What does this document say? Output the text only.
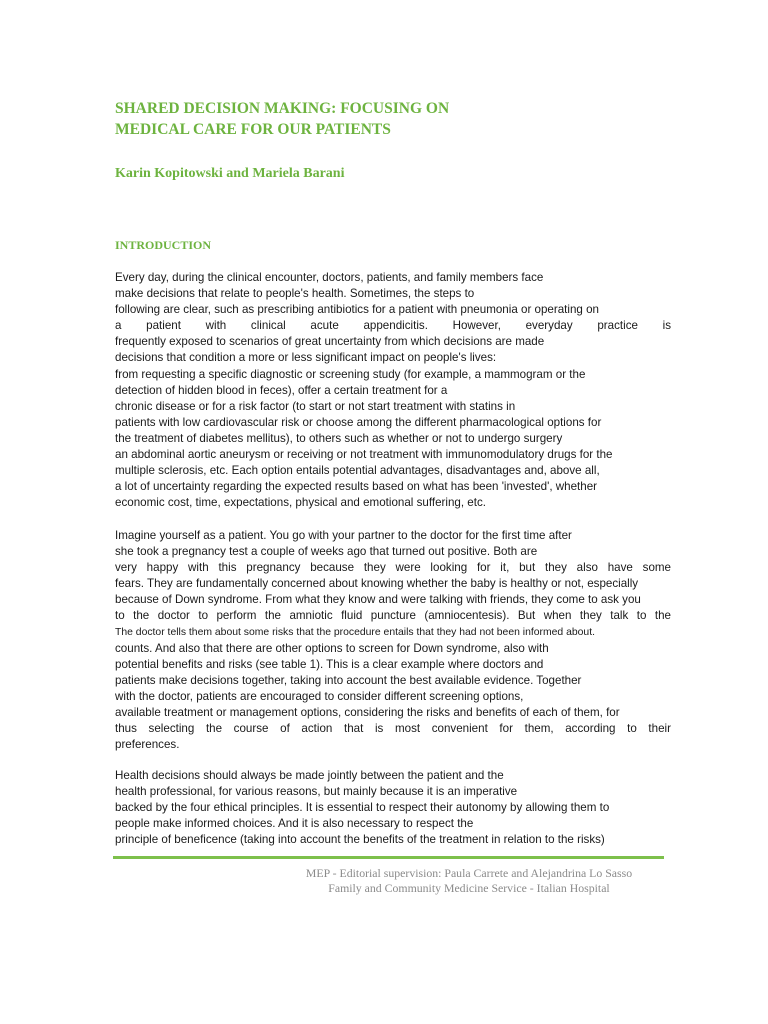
SHARED DECISION MAKING: FOCUSING ON
MEDICAL CARE FOR OUR PATIENTS
Karin Kopitowski and Mariela Barani
INTRODUCTION
Every day, during the clinical encounter, doctors, patients, and family members face
make decisions that relate to people's health. Sometimes, the steps to
following are clear, such as prescribing antibiotics for a patient with pneumonia or operating on
a patient with clinical acute appendicitis. However, everyday practice is
frequently exposed to scenarios of great uncertainty from which decisions are made
decisions that condition a more or less significant impact on people's lives:
from requesting a specific diagnostic or screening study (for example, a mammogram or the
detection of hidden blood in feces), offer a certain treatment for a
chronic disease or for a risk factor (to start or not start treatment with statins in
patients with low cardiovascular risk or choose among the different pharmacological options for
the treatment of diabetes mellitus), to others such as whether or not to undergo surgery
an abdominal aortic aneurysm or receiving or not treatment with immunomodulatory drugs for the
multiple sclerosis, etc. Each option entails potential advantages, disadvantages and, above all,
a lot of uncertainty regarding the expected results based on what has been 'invested', whether
economic cost, time, expectations, physical and emotional suffering, etc.
Imagine yourself as a patient. You go with your partner to the doctor for the first time after
she took a pregnancy test a couple of weeks ago that turned out positive. Both are
very happy with this pregnancy because they were looking for it, but they also have some
fears. They are fundamentally concerned about knowing whether the baby is healthy or not, especially
because of Down syndrome. From what they know and were talking with friends, they come to ask you
to the doctor to perform the amniotic fluid puncture (amniocentesis). But when they talk to the
The doctor tells them about some risks that the procedure entails that they had not been informed about.
counts. And also that there are other options to screen for Down syndrome, also with
potential benefits and risks (see table 1). This is a clear example where doctors and
patients make decisions together, taking into account the best available evidence. Together
with the doctor, patients are encouraged to consider different screening options,
available treatment or management options, considering the risks and benefits of each of them, for
thus selecting the course of action that is most convenient for them, according to their
preferences.
Health decisions should always be made jointly between the patient and the
health professional, for various reasons, but mainly because it is an imperative
backed by the four ethical principles. It is essential to respect their autonomy by allowing them to
people make informed choices. And it is also necessary to respect the
principle of beneficence (taking into account the benefits of the treatment in relation to the risks)
MEP - Editorial supervision: Paula Carrete and Alejandrina Lo Sasso
Family and Community Medicine Service - Italian Hospital
